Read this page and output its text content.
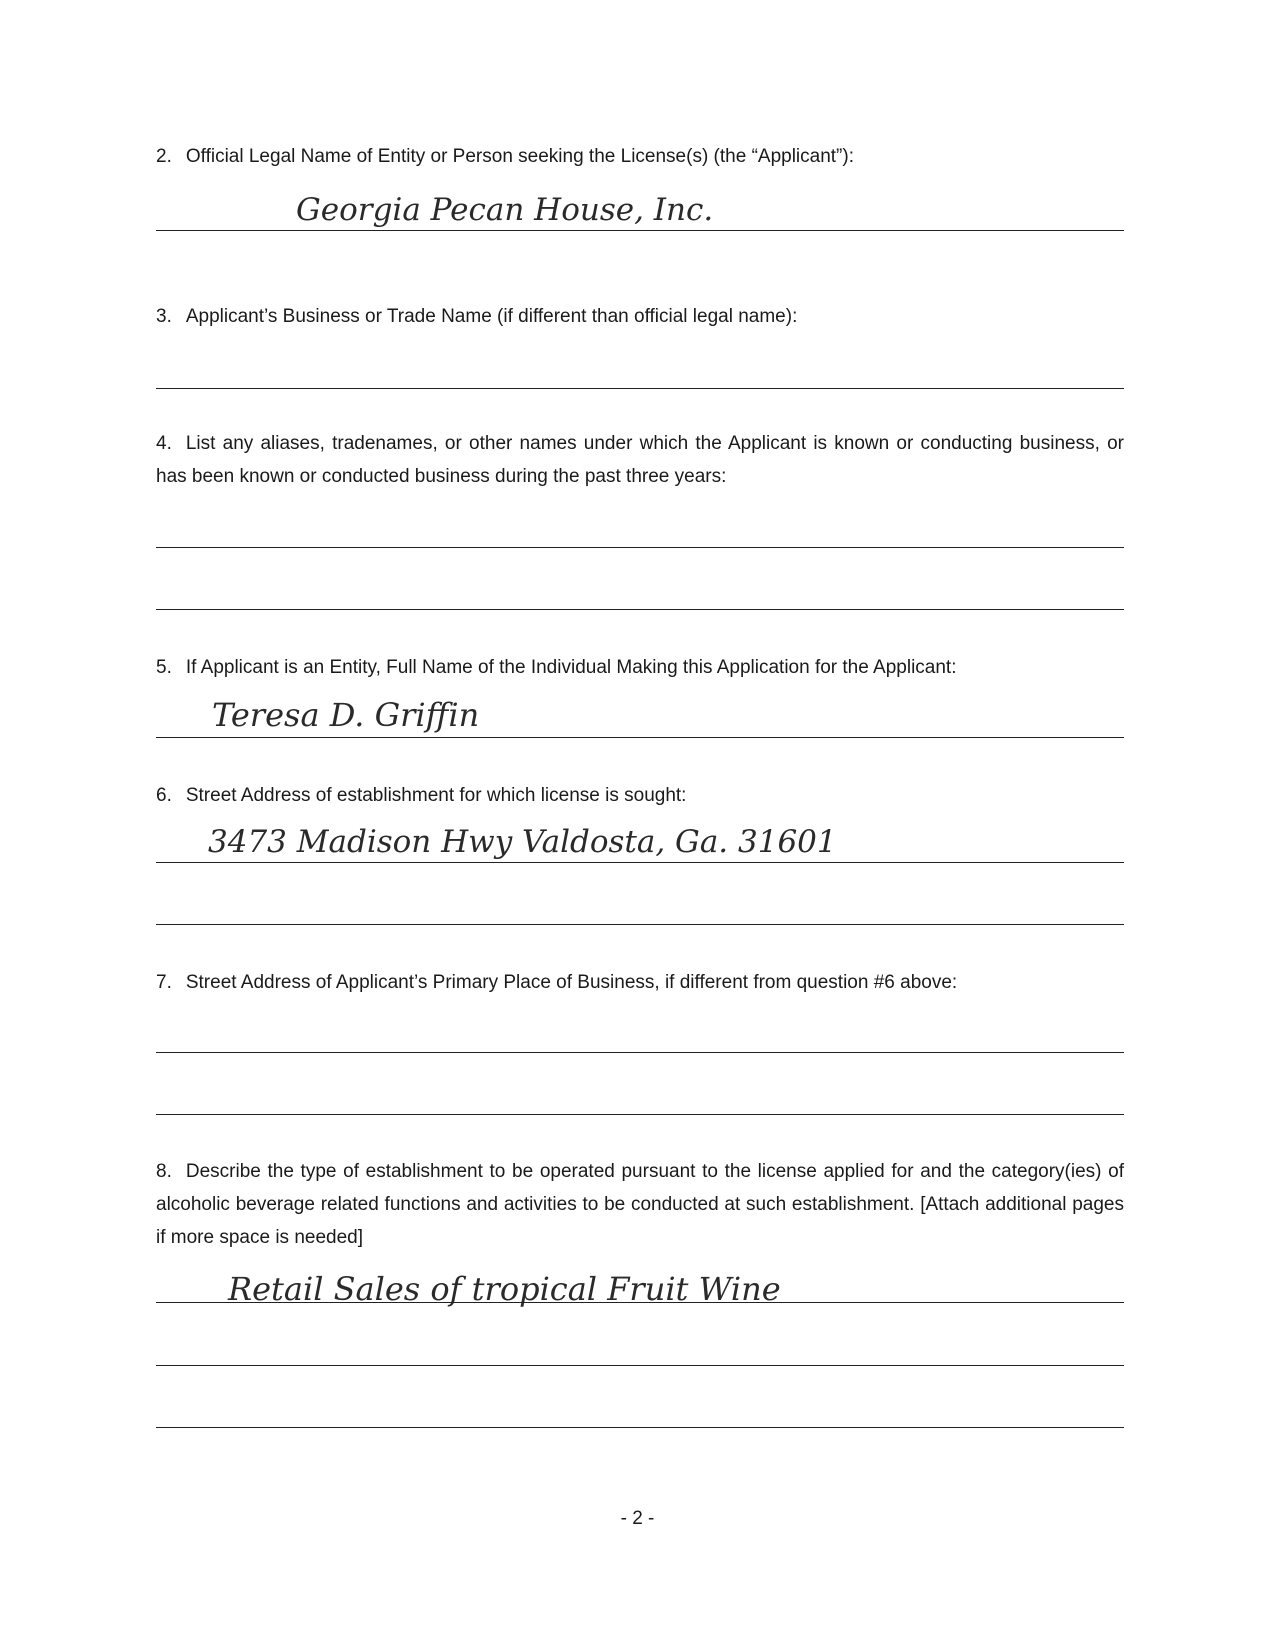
2. Official Legal Name of Entity or Person seeking the License(s) (the “Applicant”):

Georgia Pecan House, Inc.

3. Applicant’s Business or Trade Name (if different than official legal name):

4. List any aliases, tradenames, or other names under which the Applicant is known or conducting business, or has been known or conducted business during the past three years:

5. If Applicant is an Entity, Full Name of the Individual Making this Application for the Applicant:

Teresa D. Griffin

6. Street Address of establishment for which license is sought:

3473 Madison Hwy Valdosta, Ga. 31601

7. Street Address of Applicant’s Primary Place of Business, if different from question #6 above:

8. Describe the type of establishment to be operated pursuant to the license applied for and the category(ies) of alcoholic beverage related functions and activities to be conducted at such establishment. [Attach additional pages if more space is needed]

Retail Sales of tropical Fruit Wine
- 2 -
